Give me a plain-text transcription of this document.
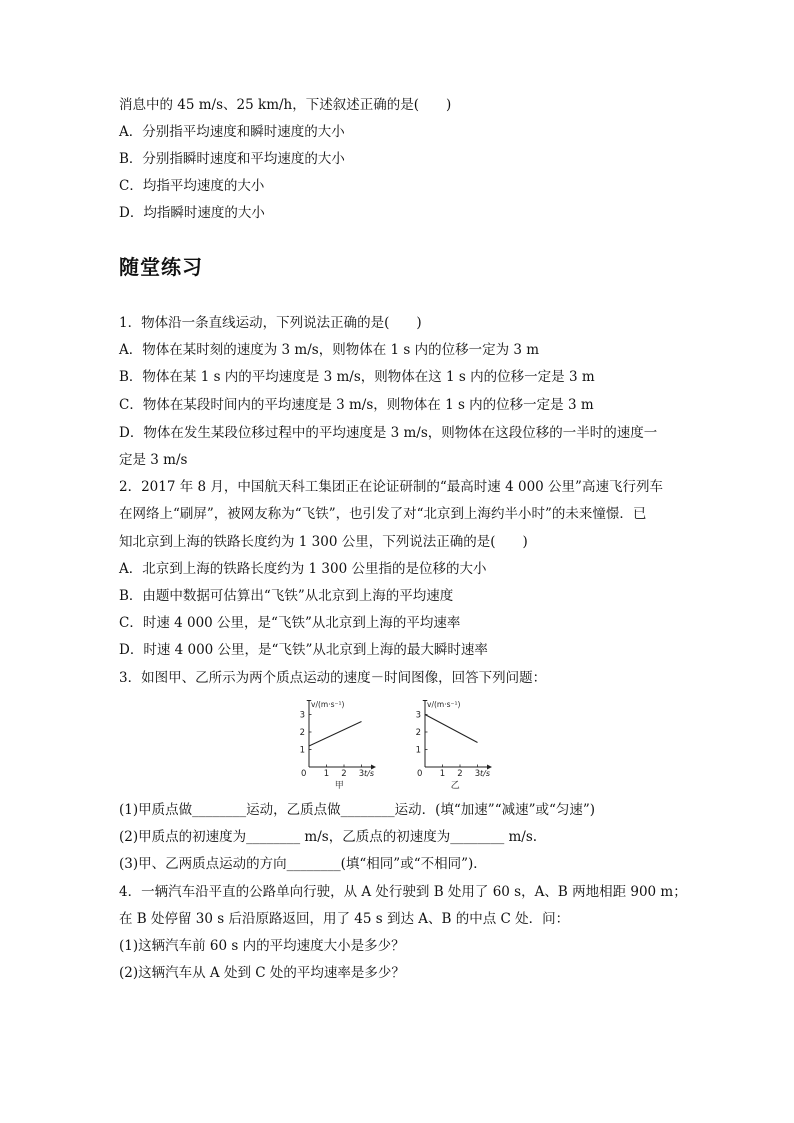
消息中的 45 m/s、25 km/h，下述叙述正确的是(　　)
A．分别指平均速度和瞬时速度的大小
B．分别指瞬时速度和平均速度的大小
C．均指平均速度的大小
D．均指瞬时速度的大小
随堂练习
1．物体沿一条直线运动，下列说法正确的是(　　)
A．物体在某时刻的速度为 3 m/s，则物体在 1 s 内的位移一定为 3 m
B．物体在某 1 s 内的平均速度是 3 m/s，则物体在这 1 s 内的位移一定是 3 m
C．物体在某段时间内的平均速度是 3 m/s，则物体在 1 s 内的位移一定是 3 m
D．物体在发生某段位移过程中的平均速度是 3 m/s，则物体在这段位移的一半时的速度一
定是 3 m/s
2．2017 年 8 月，中国航天科工集团正在论证研制的“最高时速 4 000 公里”高速飞行列车
在网络上“刷屏”，被网友称为“飞铁”，也引发了对“北京到上海约半小时”的未来憧憬．已
知北京到上海的铁路长度约为 1 300 公里，下列说法正确的是(　　)
A．北京到上海的铁路长度约为 1 300 公里指的是位移的大小
B．由题中数据可估算出“飞铁”从北京到上海的平均速度
C．时速 4 000 公里，是“飞铁”从北京到上海的平均速率
D．时速 4 000 公里，是“飞铁”从北京到上海的最大瞬时速率
3．如图甲、乙所示为两个质点运动的速度－时间图像，回答下列问题：
v/(m·s⁻¹)
t/s
0 1 2 3
1
2
3
甲
v/(m·s⁻¹)
t/s
0 1 2 3
1
2
3
乙
(1)甲质点做________运动，乙质点做________运动．(填“加速”“减速”或“匀速”)
(2)甲质点的初速度为________ m/s，乙质点的初速度为________ m/s.
(3)甲、乙两质点运动的方向________(填“相同”或“不相同”)．
4．一辆汽车沿平直的公路单向行驶，从 A 处行驶到 B 处用了 60 s，A、B 两地相距 900 m；
在 B 处停留 30 s 后沿原路返回，用了 45 s 到达 A、B 的中点 C 处．问：
(1)这辆汽车前 60 s 内的平均速度大小是多少？
(2)这辆汽车从 A 处到 C 处的平均速率是多少？
